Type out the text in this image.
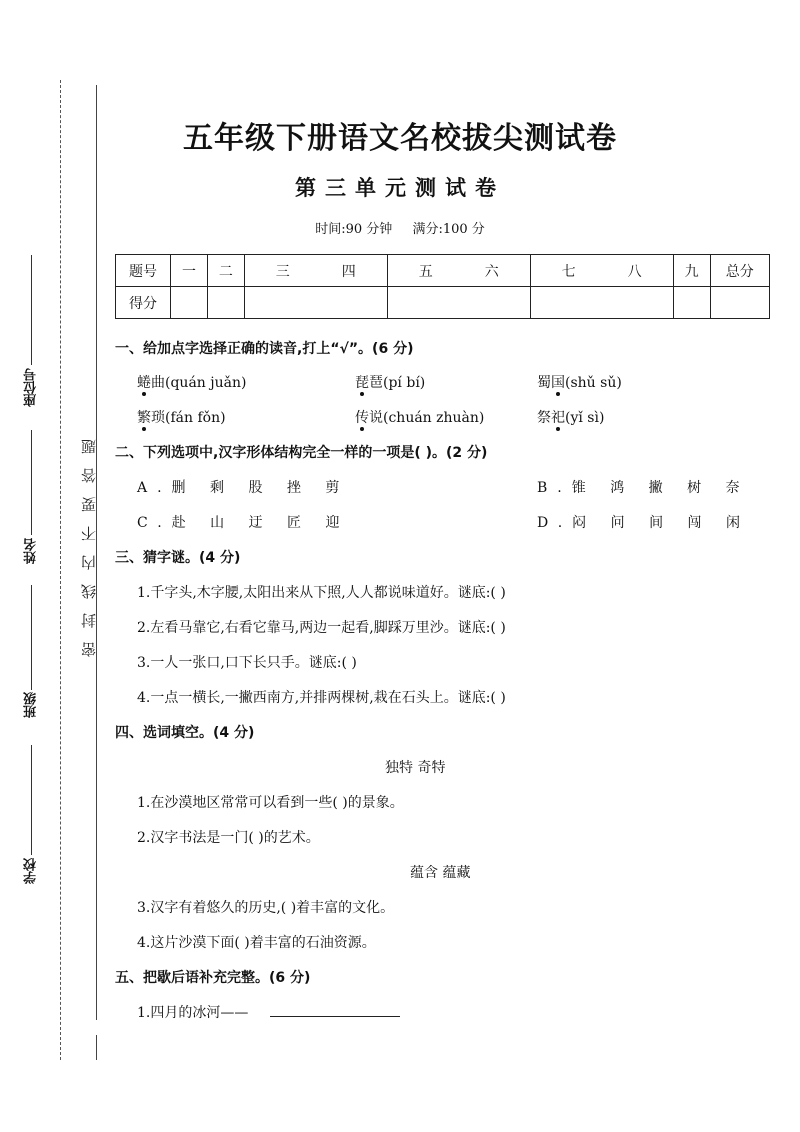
座位号
姓名
班级
学校
密封线内不要答题
五年级下册语文名校拔尖测试卷
第三单元测试卷
时间:90 分钟 满分:100 分
题号	一	二	三 四	五 六	七 八	九	总分
得分							
一、给加点字选择正确的读音,打上“√”。(6 分)
蜷曲(quán juǎn)	琵琶(pí bí)	蜀国(shǔ sǔ)
繁琐(fán fǒn)	传说(chuán zhuàn)	祭祀(yǐ sì)
二、下列选项中,汉字形体结构完全一样的一项是( )。(2 分)
A.删 剩 股 挫 剪	B.锥 鸿 撇 树 奈
C.赴 山 迂 匠 迎	D.闷 问 间 闯 闲
三、猜字谜。(4 分)
1.千字头,木字腰,太阳出来从下照,人人都说味道好。谜底:( )
2.左看马靠它,右看它靠马,两边一起看,脚踩万里沙。谜底:( )
3.一人一张口,口下长只手。谜底:( )
4.一点一横长,一撇西南方,并排两棵树,栽在石头上。谜底:( )
四、选词填空。(4 分)
独特 奇特
1.在沙漠地区常常可以看到一些( )的景象。
2.汉字书法是一门( )的艺术。
蕴含 蕴藏
3.汉字有着悠久的历史,( )着丰富的文化。
4.这片沙漠下面( )着丰富的石油资源。
五、把歇后语补充完整。(6 分)
1.四月的冰河——
